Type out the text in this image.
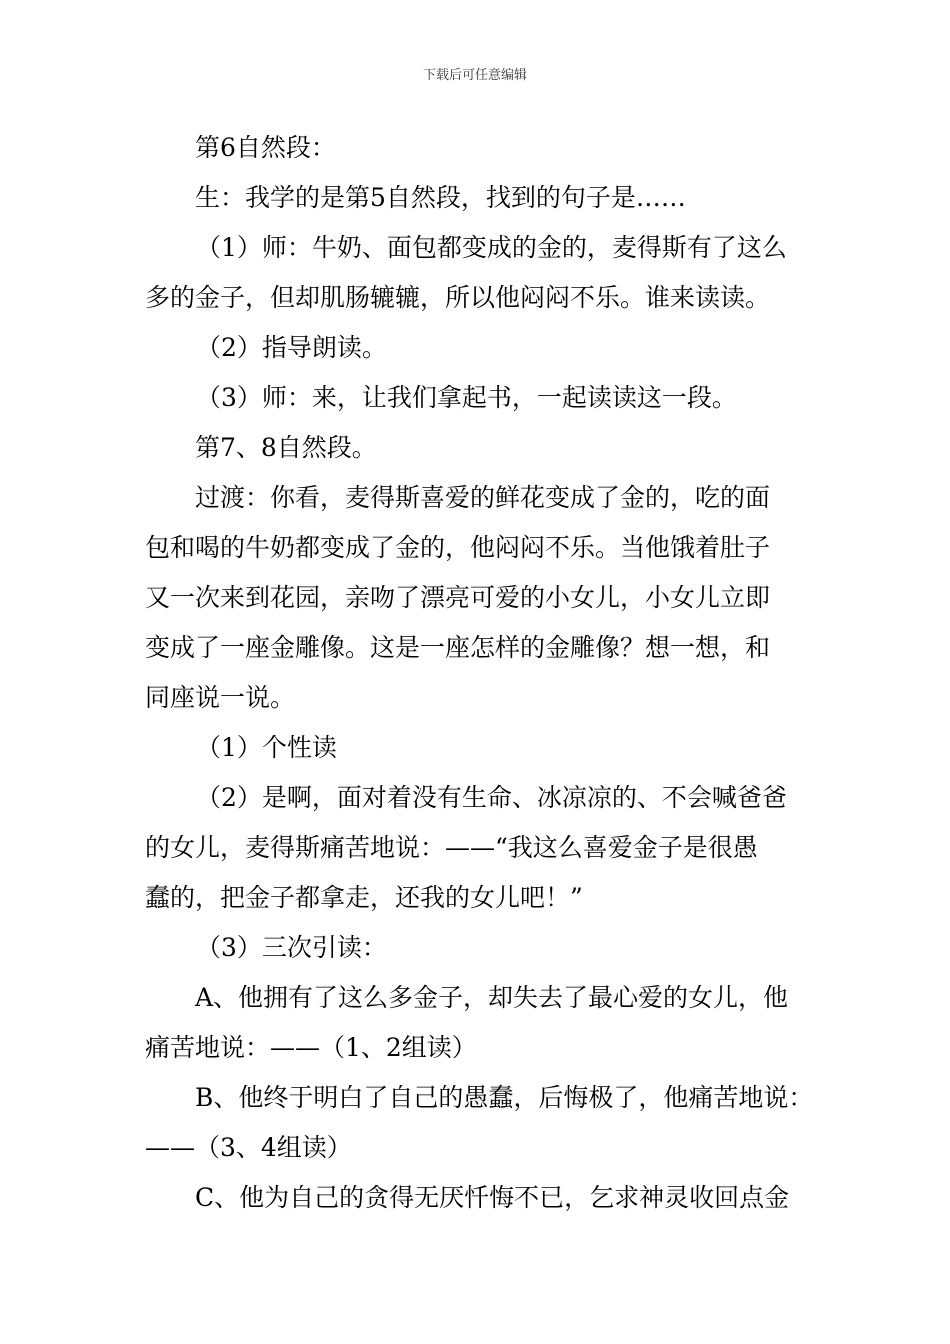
下载后可任意编辑
第6自然段：
生：我学的是第5自然段，找到的句子是……
（1）师：牛奶、面包都变成的金的，麦得斯有了这么
多的金子，但却肌肠辘辘，所以他闷闷不乐。谁来读读。
（2）指导朗读。
（3）师：来，让我们拿起书，一起读读这一段。
第7、8自然段。
过渡：你看，麦得斯喜爱的鲜花变成了金的，吃的面
包和喝的牛奶都变成了金的，他闷闷不乐。当他饿着肚子
又一次来到花园，亲吻了漂亮可爱的小女儿，小女儿立即
变成了一座金雕像。这是一座怎样的金雕像？想一想，和
同座说一说。
（1）个性读
（2）是啊，面对着没有生命、冰凉凉的、不会喊爸爸
的女儿，麦得斯痛苦地说：——“我这么喜爱金子是很愚
蠢的，把金子都拿走，还我的女儿吧！”
（3）三次引读：
A、他拥有了这么多金子，却失去了最心爱的女儿，他
痛苦地说：——（1、2组读）
B、他终于明白了自己的愚蠢，后悔极了，他痛苦地说：
——（3、4组读）
C、他为自己的贪得无厌忏悔不已，乞求神灵收回点金
